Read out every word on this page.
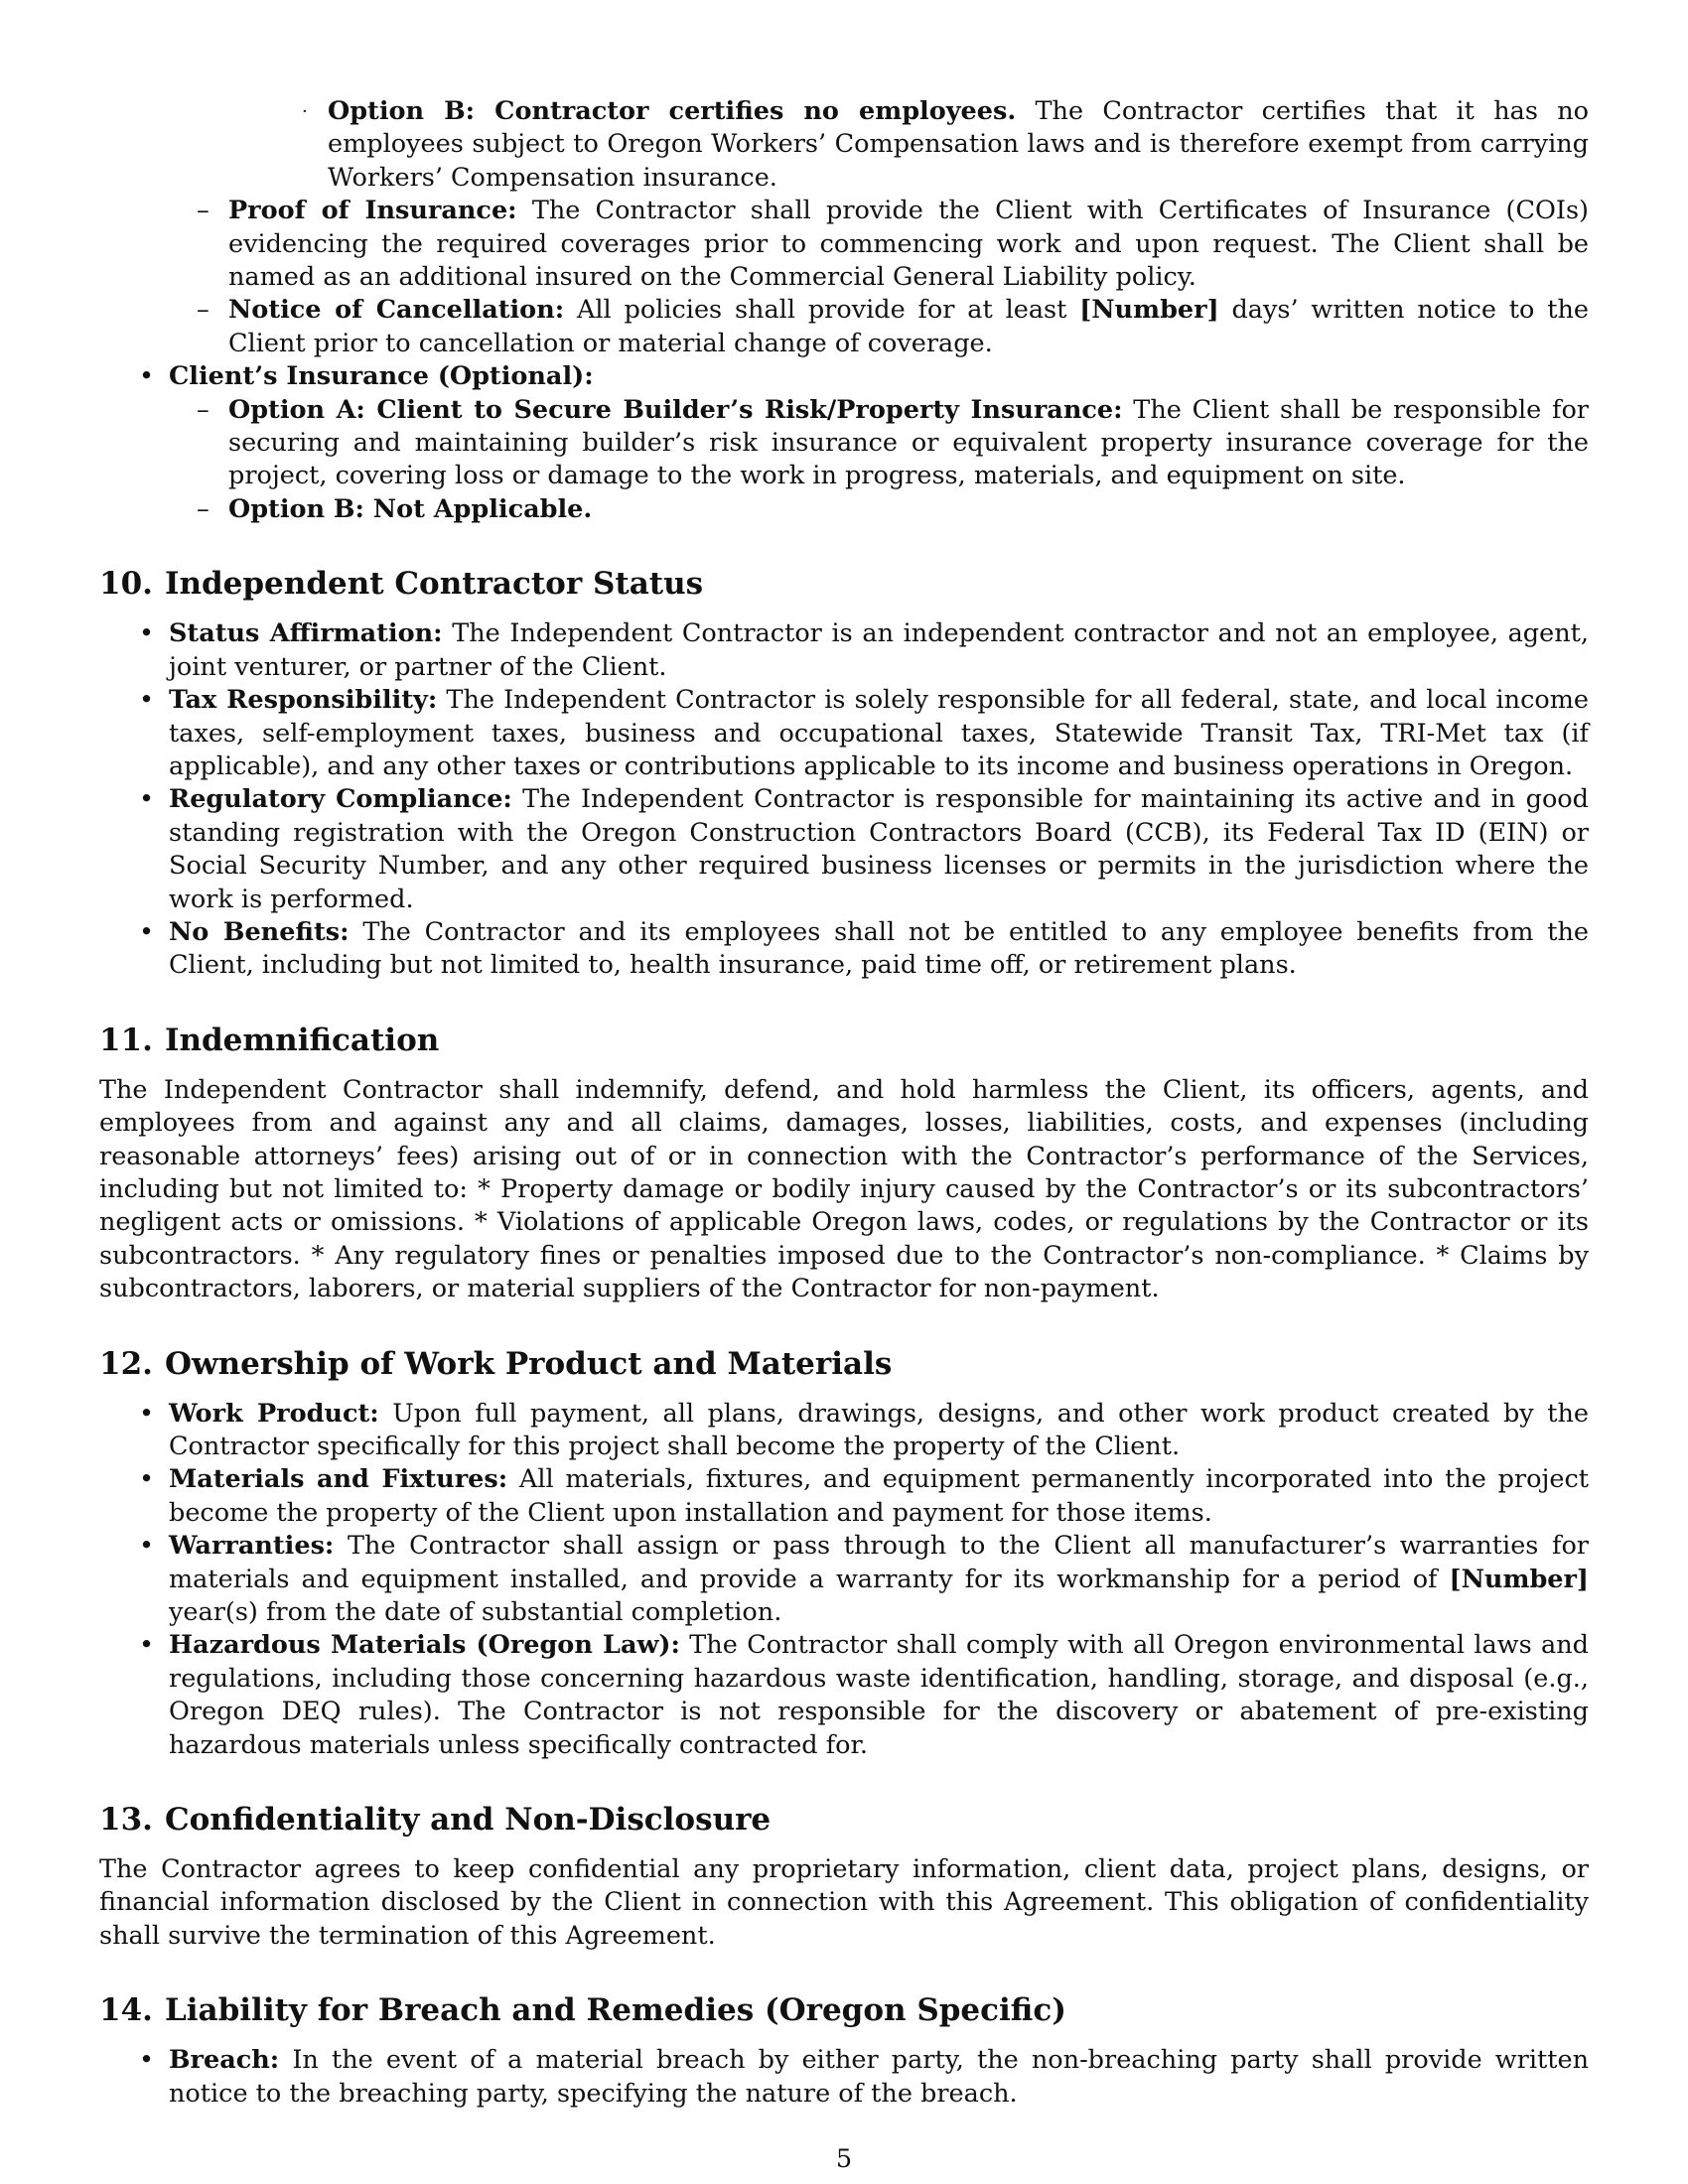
· Option B: Contractor certifies no employees. The Contractor certifies that it has no employees subject to Oregon Workers’ Compensation laws and is therefore exempt from carrying Workers’ Compensation insurance.
– Proof of Insurance: The Contractor shall provide the Client with Certificates of Insurance (COIs) evidencing the required coverages prior to commencing work and upon request. The Client shall be named as an additional insured on the Commercial General Liability policy.
– Notice of Cancellation: All policies shall provide for at least [Number] days’ written notice to the Client prior to cancellation or material change of coverage.
• Client’s Insurance (Optional):
– Option A: Client to Secure Builder’s Risk/Property Insurance: The Client shall be responsible for securing and maintaining builder’s risk insurance or equivalent property insurance coverage for the project, covering loss or damage to the work in progress, materials, and equipment on site.
– Option B: Not Applicable.
10. Independent Contractor Status
• Status Affirmation: The Independent Contractor is an independent contractor and not an employee, agent, joint venturer, or partner of the Client.
• Tax Responsibility: The Independent Contractor is solely responsible for all federal, state, and local income taxes, self-employment taxes, business and occupational taxes, Statewide Transit Tax, TRI-Met tax (if applicable), and any other taxes or contributions applicable to its income and business operations in Oregon.
• Regulatory Compliance: The Independent Contractor is responsible for maintaining its active and in good standing registration with the Oregon Construction Contractors Board (CCB), its Federal Tax ID (EIN) or Social Security Number, and any other required business licenses or permits in the jurisdiction where the work is performed.
• No Benefits: The Contractor and its employees shall not be entitled to any employee benefits from the Client, including but not limited to, health insurance, paid time off, or retirement plans.
11. Indemnification

The Independent Contractor shall indemnify, defend, and hold harmless the Client, its officers, agents, and employees from and against any and all claims, damages, losses, liabilities, costs, and expenses (including reasonable attorneys’ fees) arising out of or in connection with the Contractor’s performance of the Services, including but not limited to: * Property damage or bodily injury caused by the Contractor’s or its subcontractors’ negligent acts or omissions. * Violations of applicable Oregon laws, codes, or regulations by the Contractor or its subcontractors. * Any regulatory fines or penalties imposed due to the Contractor’s non-compliance. * Claims by subcontractors, laborers, or material suppliers of the Contractor for non-payment.

12. Ownership of Work Product and Materials
• Work Product: Upon full payment, all plans, drawings, designs, and other work product created by the Contractor specifically for this project shall become the property of the Client.
• Materials and Fixtures: All materials, fixtures, and equipment permanently incorporated into the project become the property of the Client upon installation and payment for those items.
• Warranties: The Contractor shall assign or pass through to the Client all manufacturer’s warranties for materials and equipment installed, and provide a warranty for its workmanship for a period of [Number] year(s) from the date of substantial completion.
• Hazardous Materials (Oregon Law): The Contractor shall comply with all Oregon environmental laws and regulations, including those concerning hazardous waste identification, handling, storage, and disposal (e.g., Oregon DEQ rules). The Contractor is not responsible for the discovery or abatement of pre-existing hazardous materials unless specifically contracted for.
13. Confidentiality and Non-Disclosure

The Contractor agrees to keep confidential any proprietary information, client data, project plans, designs, or financial information disclosed by the Client in connection with this Agreement. This obligation of confidentiality shall survive the termination of this Agreement.

14. Liability for Breach and Remedies (Oregon Specific)
• Breach: In the event of a material breach by either party, the non-breaching party shall provide written notice to the breaching party, specifying the nature of the breach.
5
